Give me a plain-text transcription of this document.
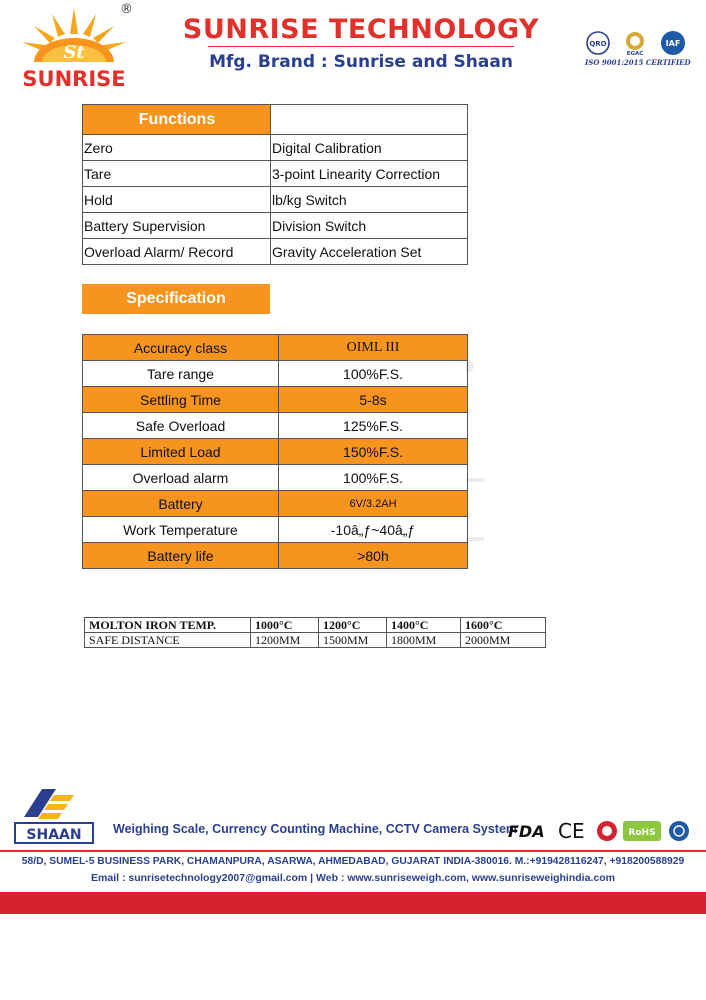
St
SUNRISE
®
SUNRISE TECHNOLOGY
Mfg. Brand : Sunrise and Shaan
QRO
EGAC
IAF
ISO 9001:2015 CERTIFIED
Functions	
Zero	Digital Calibration
Tare	3-point Linearity Correction
Hold	lb/kg Switch
Battery Supervision	Division Switch
Overload Alarm/ Record	Gravity Acceleration Set
Specification
Accuracy class	OIML III
Tare range	100%F.S.
Settling Time	5-8s
Safe Overload	125%F.S.
Limited Load	150%F.S.
Overload alarm	100%F.S.
Battery	6V/3.2AH
Work Temperature	-10â„ƒ~40â„ƒ
Battery life	>80h
MOLTON IRON TEMP.	1000°C	1200°C	1400°C	1600°C
SAFE DISTANCE	1200MM	1500MM	1800MM	2000MM
SHAAN	Weighing Scale, Currency Counting Machine, CCTV Camera System
FDA CE	RoHS
58/D, SUMEL-5 BUSINESS PARK, CHAMANPURA, ASARWA, AHMEDABAD, GUJARAT INDIA-380016. M.:+919428116247, +918200588929
Email : sunrisetechnology2007@gmail.com | Web : www.sunriseweigh.com, www.sunriseweighindia.com
